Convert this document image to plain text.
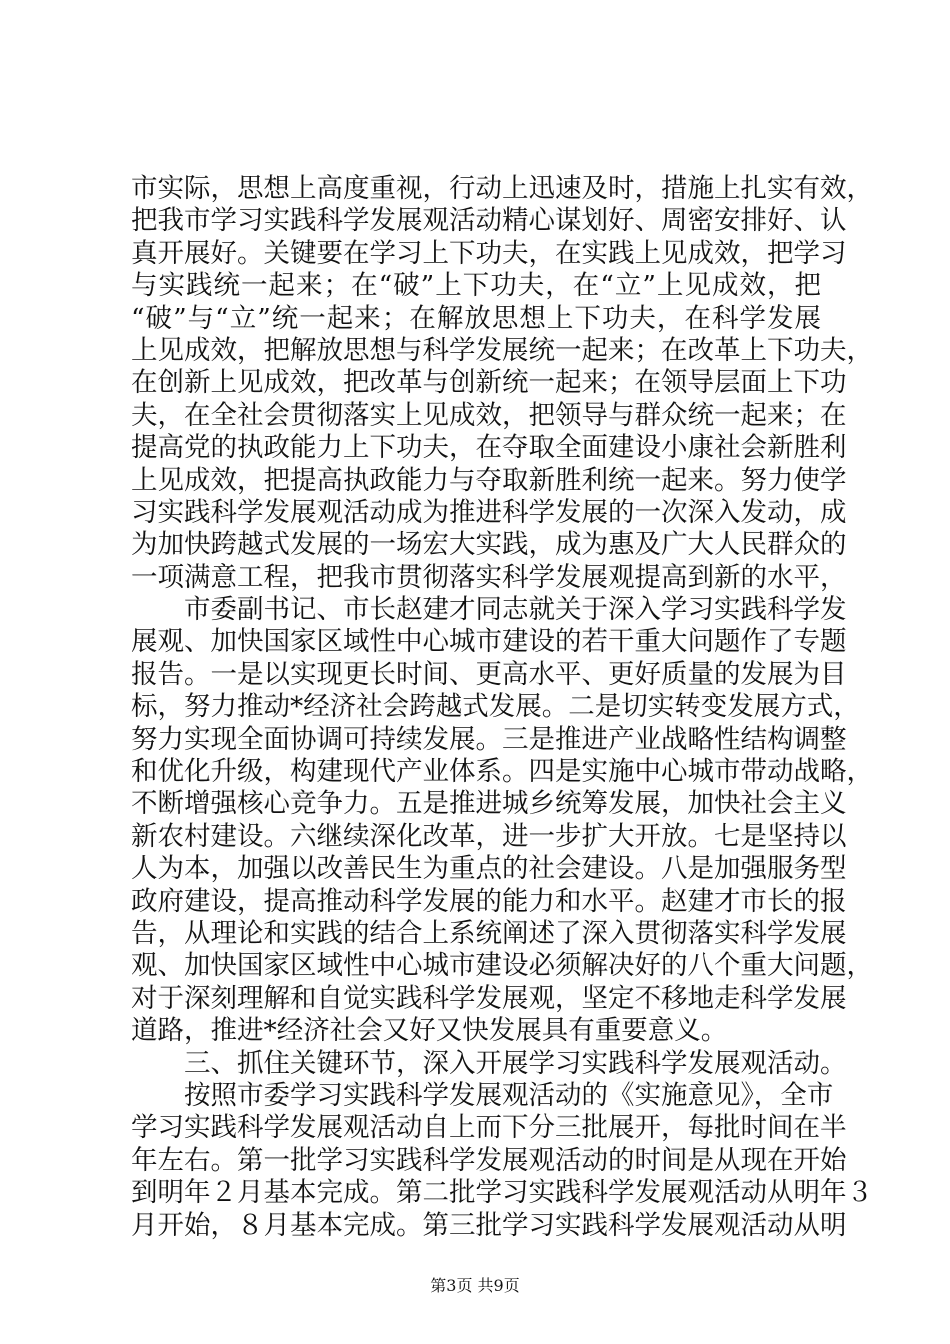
市实际，思想上高度重视，行动上迅速及时，措施上扎实有效，
把我市学习实践科学发展观活动精心谋划好、周密安排好、认
真开展好。关键要在学习上下功夫，在实践上见成效，把学习
与实践统一起来；在“破”上下功夫，在“立”上见成效，把
“破”与“立”统一起来；在解放思想上下功夫，在科学发展
上见成效，把解放思想与科学发展统一起来；在改革上下功夫，
在创新上见成效，把改革与创新统一起来；在领导层面上下功
夫，在全社会贯彻落实上见成效，把领导与群众统一起来；在
提高党的执政能力上下功夫，在夺取全面建设小康社会新胜利
上见成效，把提高执政能力与夺取新胜利统一起来。努力使学
习实践科学发展观活动成为推进科学发展的一次深入发动，成
为加快跨越式发展的一场宏大实践，成为惠及广大人民群众的
一项满意工程，把我市贯彻落实科学发展观提高到新的水平，
市委副书记、市长赵建才同志就关于深入学习实践科学发
展观、加快国家区域性中心城市建设的若干重大问题作了专题
报告。一是以实现更长时间、更高水平、更好质量的发展为目
标，努力推动*经济社会跨越式发展。二是切实转变发展方式，
努力实现全面协调可持续发展。三是推进产业战略性结构调整
和优化升级，构建现代产业体系。四是实施中心城市带动战略，
不断增强核心竞争力。五是推进城乡统筹发展，加快社会主义
新农村建设。六继续深化改革，进一步扩大开放。七是坚持以
人为本，加强以改善民生为重点的社会建设。八是加强服务型
政府建设，提高推动科学发展的能力和水平。赵建才市长的报
告，从理论和实践的结合上系统阐述了深入贯彻落实科学发展
观、加快国家区域性中心城市建设必须解决好的八个重大问题，
对于深刻理解和自觉实践科学发展观，坚定不移地走科学发展
道路，推进*经济社会又好又快发展具有重要意义。
三、抓住关键环节，深入开展学习实践科学发展观活动。
按照市委学习实践科学发展观活动的《实施意见》，全市
学习实践科学发展观活动自上而下分三批展开，每批时间在半
年左右。第一批学习实践科学发展观活动的时间是从现在开始
到明年２月基本完成。第二批学习实践科学发展观活动从明年３
月开始，８月基本完成。第三批学习实践科学发展观活动从明
第3页 共9页
